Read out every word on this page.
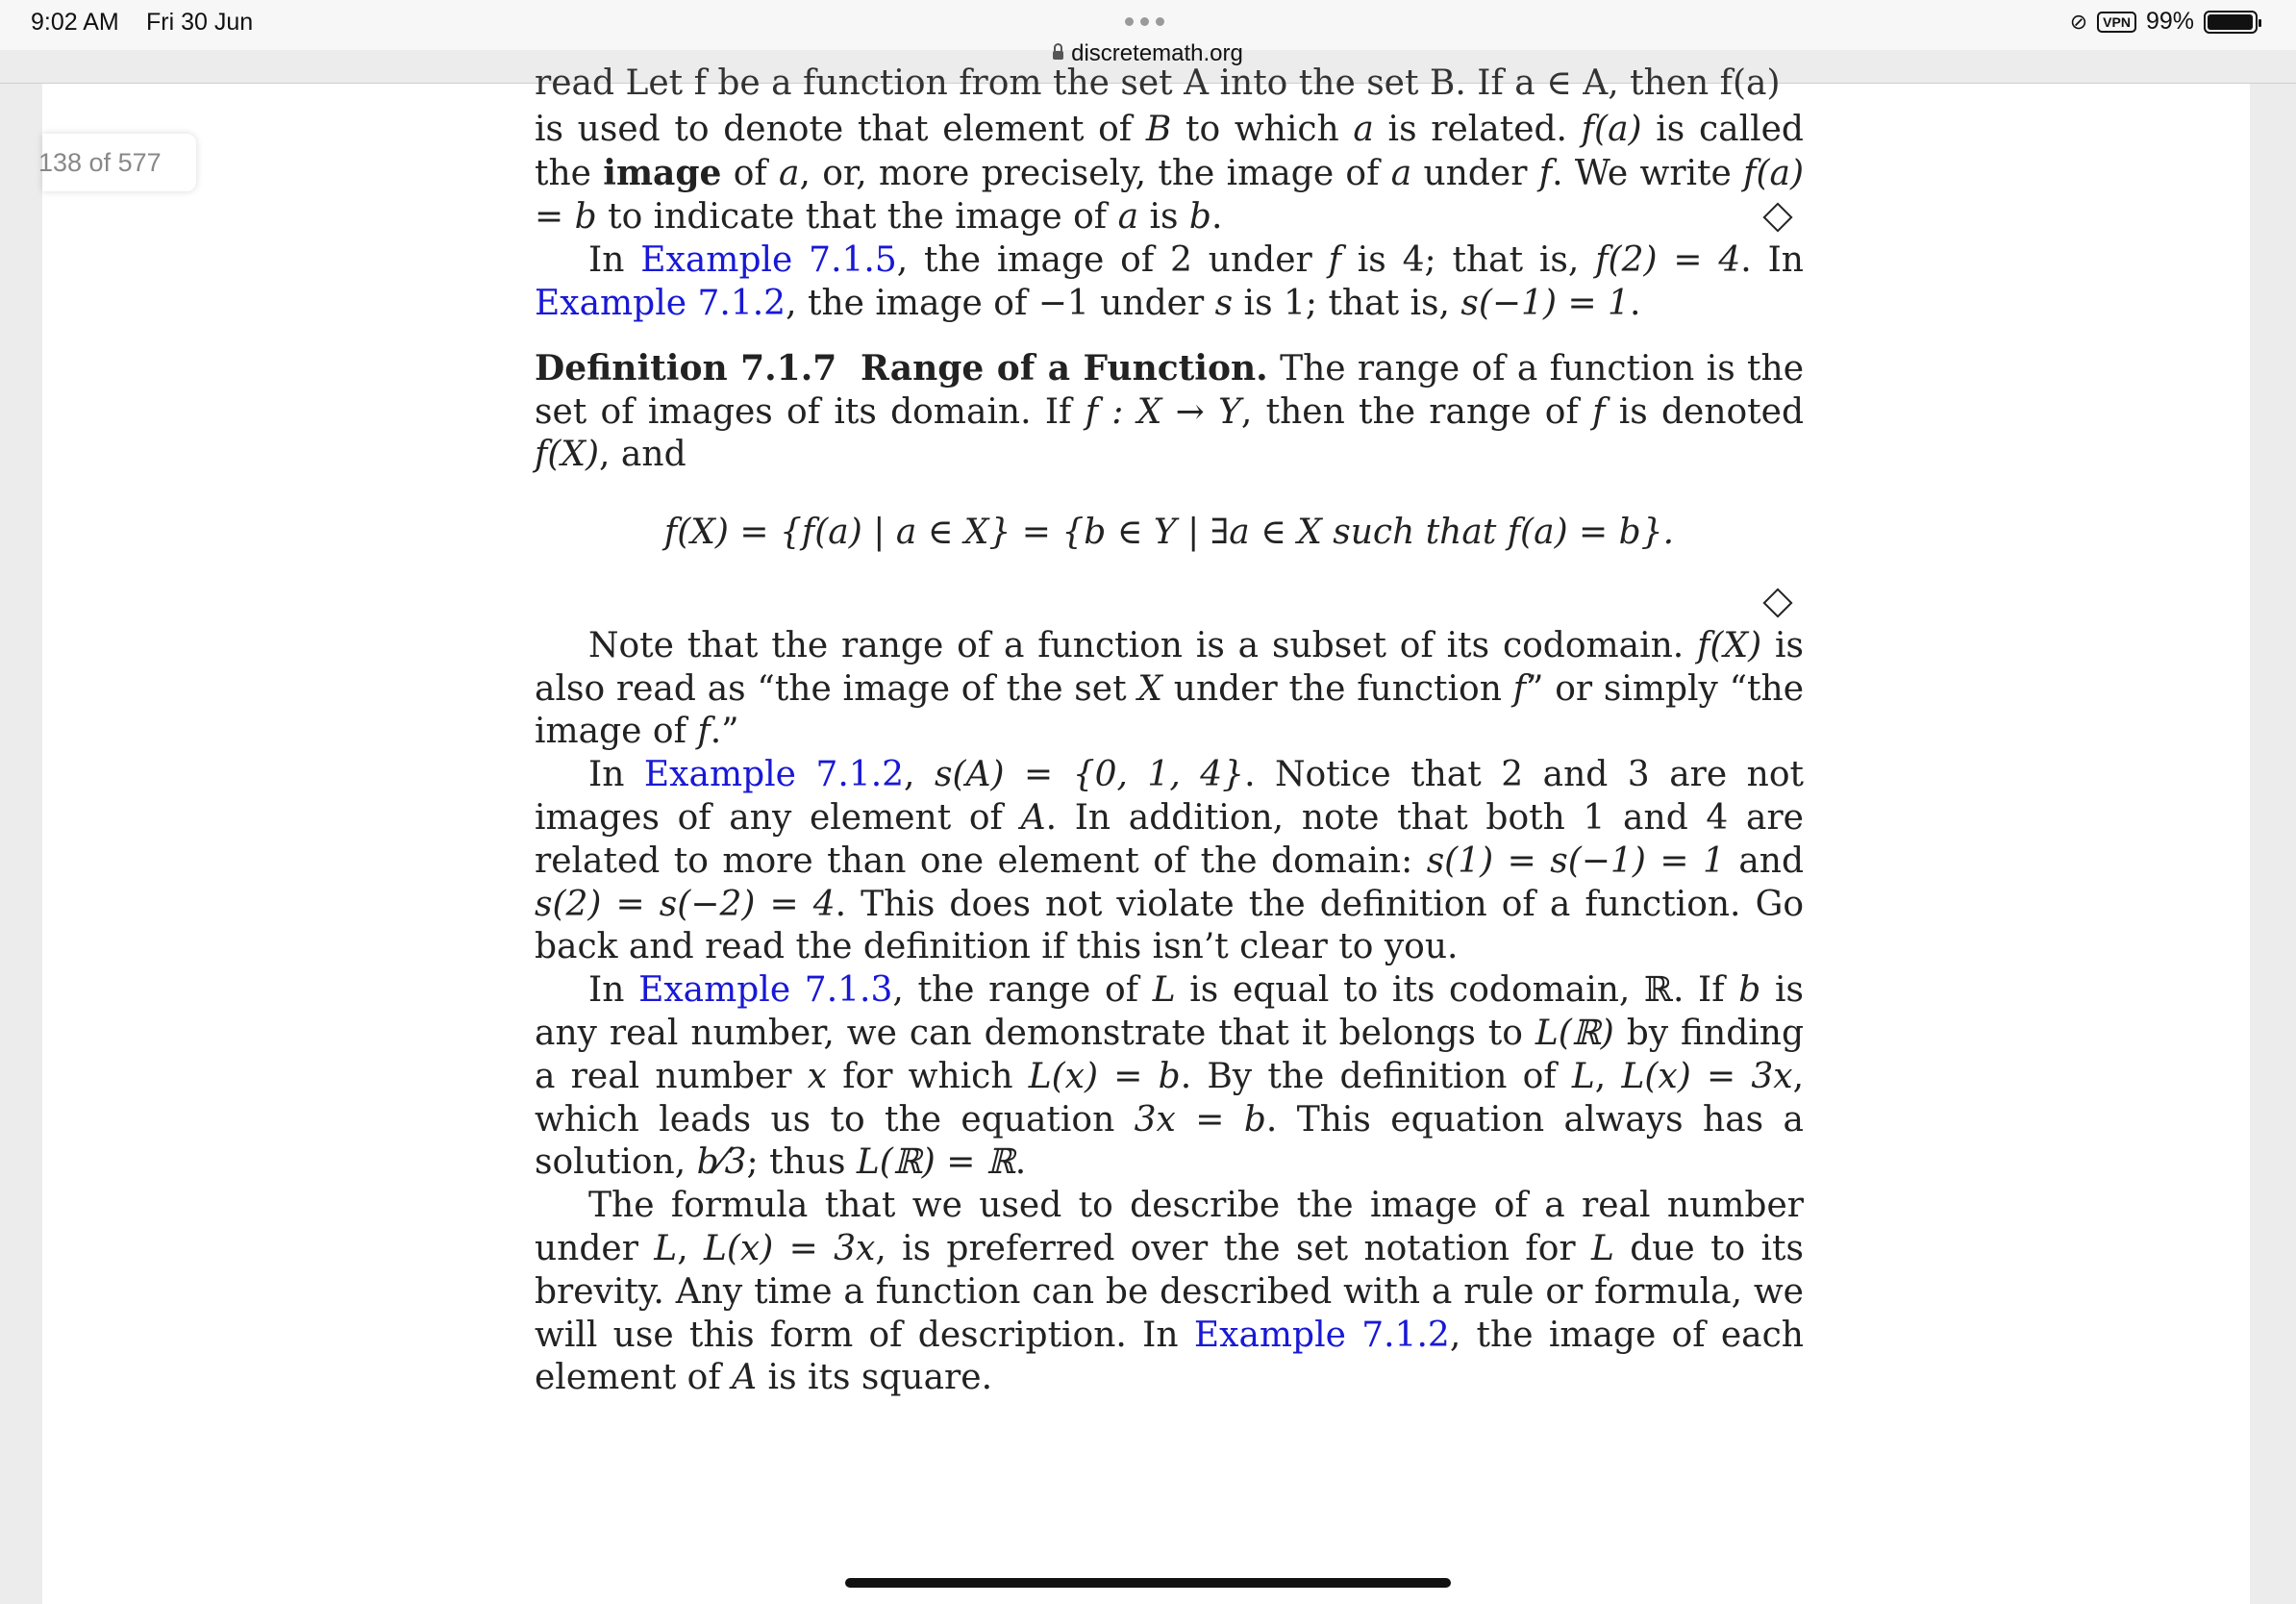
9:02 AM Fri 30 Jun	⊘	VPN 99%
discretemath.org
138 of 577
read Let f be a function from the set A into the set B. If a ∈ A, then f(a)

is used to denote that element of B to which a is related. f(a) is called the image of a, or, more precisely, the image of a under f. We write f(a) = b to indicate that the image of a is b.

In Example 7.1.5, the image of 2 under f is 4; that is, f(2) = 4. In Example 7.1.2, the image of −1 under s is 1; that is, s(−1) = 1.

Definition 7.1.7 Range of a Function. The range of a function is the set of images of its domain. If f : X → Y, then the range of f is denoted f(X), and

f(X) = {f(a) | a ∈ X} = {b ∈ Y | ∃a ∈ X such that f(a) = b}.

Note that the range of a function is a subset of its codomain. f(X) is also read as “the image of the set X under the function f” or simply “the image of f.”

In Example 7.1.2, s(A) = {0, 1, 4}. Notice that 2 and 3 are not images of any element of A. In addition, note that both 1 and 4 are related to more than one element of the domain: s(1) = s(−1) = 1 and s(2) = s(−2) = 4. This does not violate the definition of a function. Go back and read the definition if this isn’t clear to you.

In Example 7.1.3, the range of L is equal to its codomain, ℝ. If b is any real number, we can demonstrate that it belongs to L(ℝ) by finding a real number x for which L(x) = b. By the definition of L, L(x) = 3x, which leads us to the equation 3x = b. This equation always has a solution, b⁄3; thus L(ℝ) = ℝ.

The formula that we used to describe the image of a real number under L, L(x) = 3x, is preferred over the set notation for L due to its brevity. Any time a function can be described with a rule or formula, we will use this form of description. In Example 7.1.2, the image of each element of A is its square.
